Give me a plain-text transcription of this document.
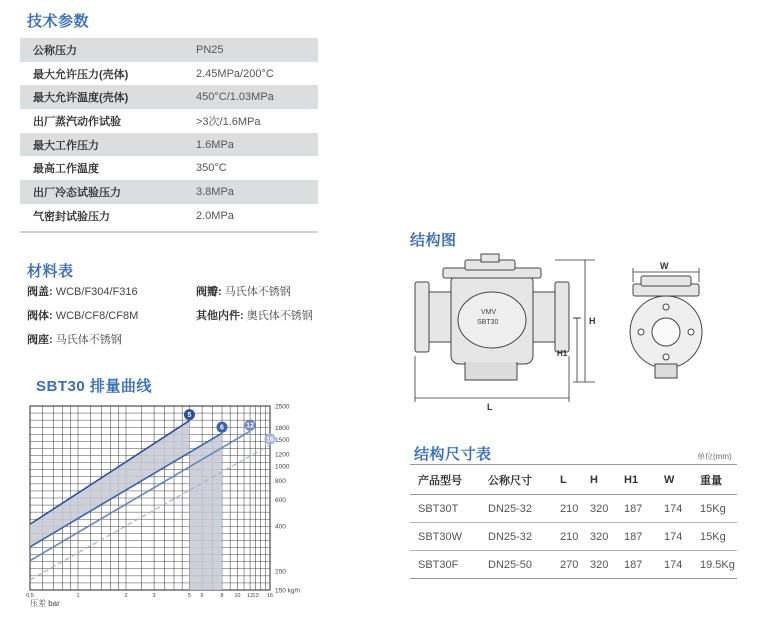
技术参数
公称压力	PN25
最大允许压力(壳体)	2.45MPa/200°C
最大允许温度(壳体)	450°C/1.03MPa
出厂蒸汽动作试验	>3次/1.6MPa
最大工作压力	1.6MPa
最高工作温度	350°C
出厂冷态试验压力	3.8MPa
气密封试验压力	2.0MPa
材料表
阀盖: WCB/F304/F316	阀瓣: 马氏体不锈钢
阀体: WCB/CF8/CF8M	其他内件: 奥氏体不锈钢
阀座: 马氏体不锈钢
SBT30 排量曲线
5
6	12
16
0.5	1	2	3	5 6	8 10 12 13 16
2500
1800
1500
1200
1000
800
600
400
200
150 kg/h
压差 bar
结构图
VMV
SBT30
L
H
H1
W
结构尺寸表	单位(mm)
产品型号	公称尺寸	L	H	H1	W	重量
SBT30T	DN25-32	210	320	187	174	15Kg
SBT30W	DN25-32	210	320	187	174	15Kg
SBT30F	DN25-50	270	320	187	174	19.5Kg
